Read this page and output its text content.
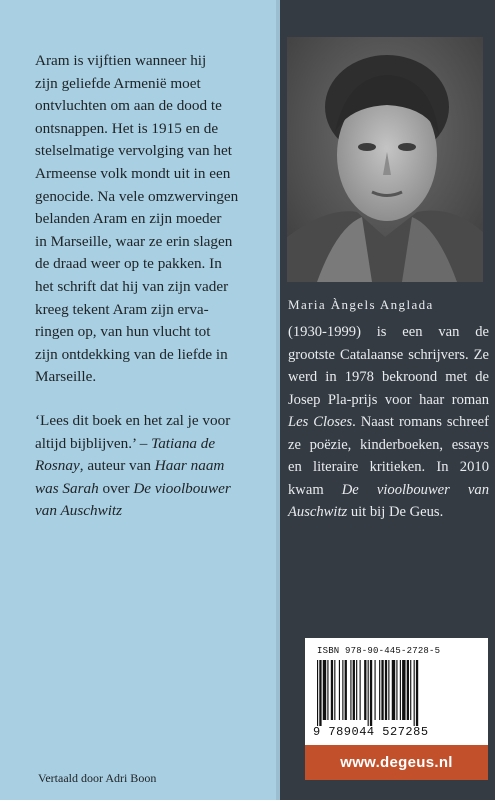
Aram is vijftien wanneer hij

zijn geliefde Armenië moet

ontvluchten om aan de dood te

ontsnappen. Het is 1915 en de

stelselmatige vervolging van het

Armeense volk mondt uit in een

genocide. Na vele omzwervingen

belanden Aram en zijn moeder

in Marseille, waar ze erin slagen

de draad weer op te pakken. In

het schrift dat hij van zijn vader

kreeg tekent Aram zijn erva-

ringen op, van hun vlucht tot

zijn ontdekking van de liefde in

Marseille.

‘Lees dit boek en het zal je voor
altijd bijblijven.’ – Tatiana de
Rosnay, auteur van Haar naam
was Sarah over De vioolbouwer
van Auschwitz
Vertaald door Adri Boon
Maria Àngels Anglada
(1930-1999) is een van de grootste Catalaanse schrijvers. Ze werd in 1978 bekroond met de Josep Pla-prijs voor haar roman Les Closes. Naast romans schreef ze poëzie, kinderboeken, essays en literaire kritieken. In 2010 kwam De vioolbouwer van Auschwitz uit bij De Geus.
ISBN 978-90-445-2728-5
9 789044 527285
www.degeus.nl
